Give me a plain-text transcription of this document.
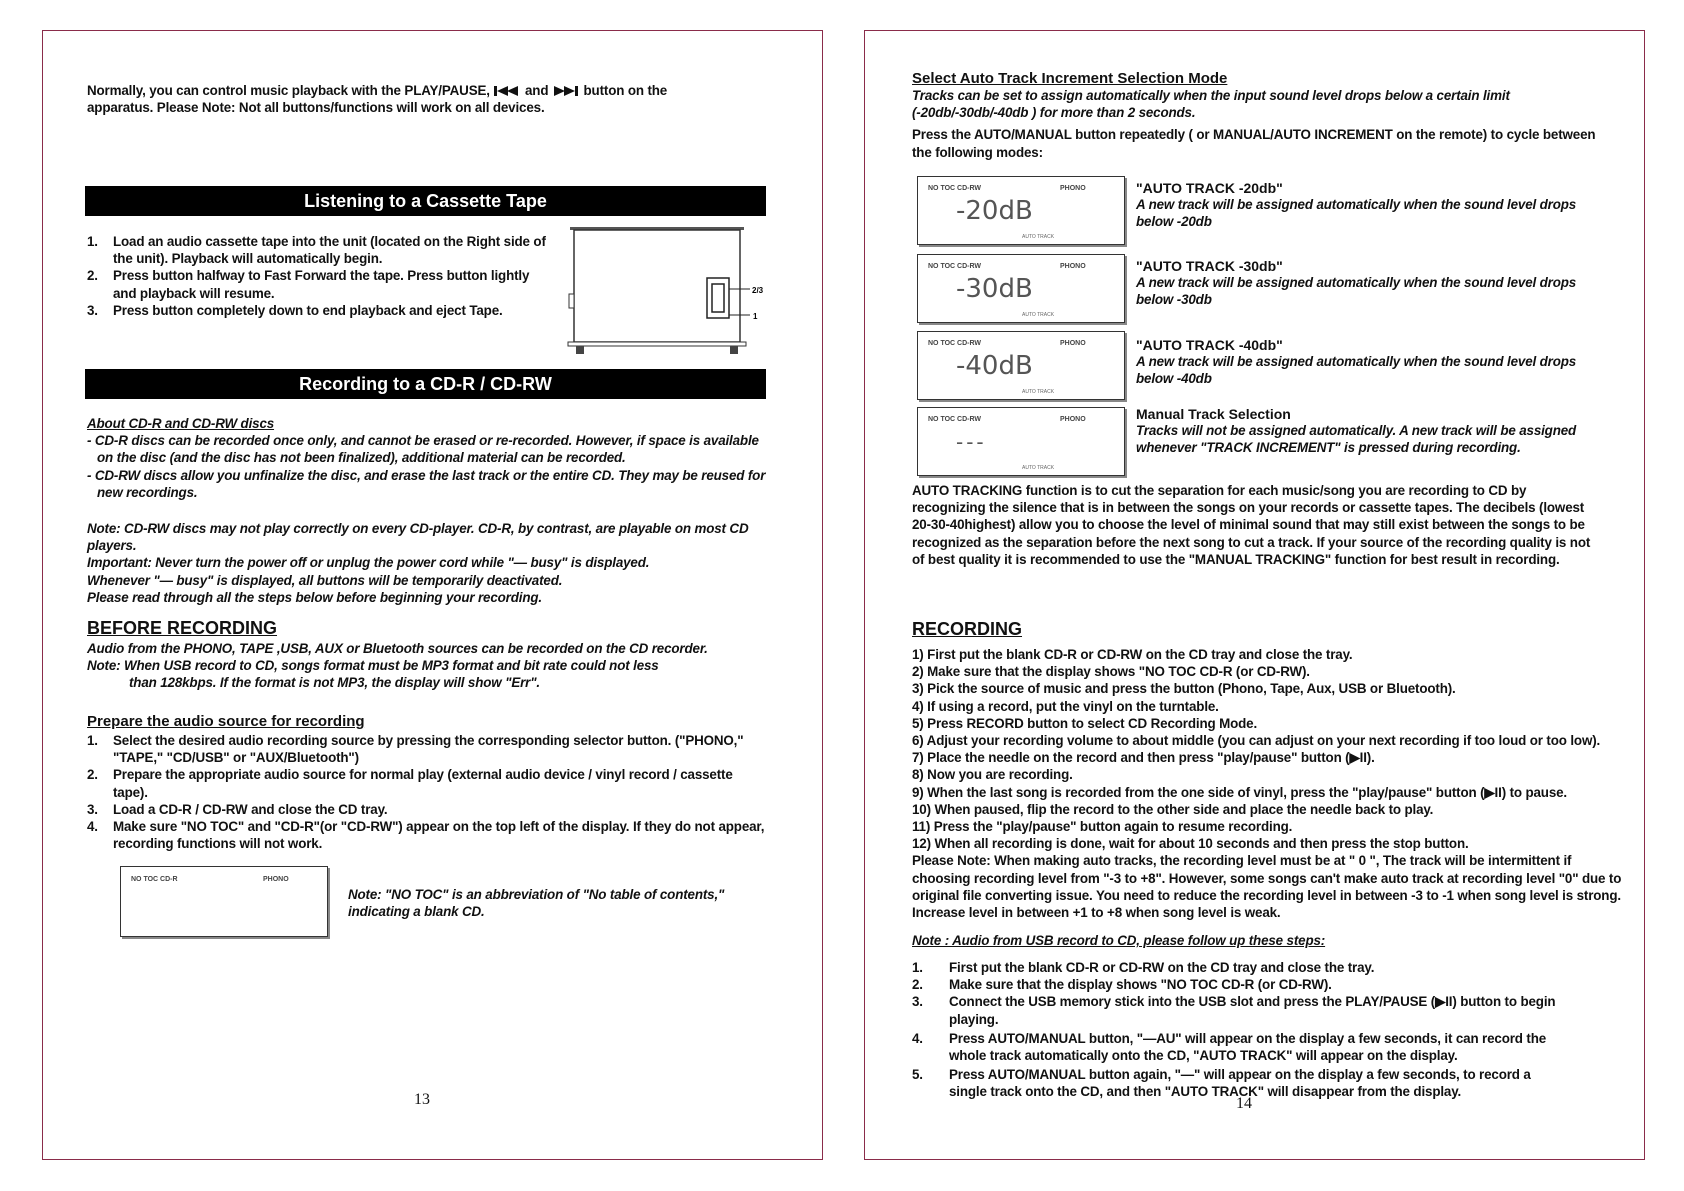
Normally, you can control music playback with the PLAY/PAUSE,	and	button on the
apparatus. Please Note: Not all buttons/functions will work on all devices.
Listening to a Cassette Tape
1. Load an audio cassette tape into the unit (located on the Right side of the unit). Playback will automatically begin.
2. Press button halfway to Fast Forward the tape. Press button lightly and playback will resume.
3. Press button completely down to end playback and eject Tape.
2/3
1
Recording to a CD-R / CD-RW
About CD-R and CD-RW discs
- CD-R discs can be recorded once only, and cannot be erased or re-recorded. However, if space is available on the disc (and the disc has not been finalized), additional material can be recorded.
- CD-RW discs allow you unfinalize the disc, and erase the last track or the entire CD. They may be reused for new recordings.
Note: CD-RW discs may not play correctly on every CD-player. CD-R, by contrast, are playable on most CD players.
Important: Never turn the power off or unplug the power cord while "— busy" is displayed.
Whenever "— busy" is displayed, all buttons will be temporarily deactivated.
Please read through all the steps below before beginning your recording.
BEFORE RECORDING
Audio from the PHONO, TAPE ,USB, AUX or Bluetooth sources can be recorded on the CD recorder.
Note: When USB record to CD, songs format must be MP3 format and bit rate could not less
than 128kbps. If the format is not MP3, the display will show "Err".
Prepare the audio source for recording
1. Select the desired audio recording source by pressing the corresponding selector button. ("PHONO," "TAPE," "CD/USB" or "AUX/Bluetooth")
2. Prepare the appropriate audio source for normal play (external audio device / vinyl record / cassette tape).
3. Load a CD-R / CD-RW and close the CD tray.
4. Make sure "NO TOC" and "CD-R"(or "CD-RW") appear on the top left of the display. If they do not appear, recording functions will not work.
NO TOC CD-R	PHONO
Note: "NO TOC" is an abbreviation of "No table of contents," indicating a blank CD.
13
Select Auto Track Increment Selection Mode
Tracks can be set to assign automatically when the input sound level drops below a certain limit (-20db/-30db/-40db ) for more than 2 seconds.
Press the AUTO/MANUAL button repeatedly ( or MANUAL/AUTO INCREMENT on the remote) to cycle between the following modes:
NO TOC CD-RW	PHONO
-20dB
AUTO TRACK
"AUTO TRACK -20db"
A new track will be assigned automatically when the sound level drops below -20db
NO TOC CD-RW	PHONO
-30dB
AUTO TRACK
"AUTO TRACK -30db"
A new track will be assigned automatically when the sound level drops below -30db
NO TOC CD-RW	PHONO
-40dB
AUTO TRACK
"AUTO TRACK -40db"
A new track will be assigned automatically when the sound level drops below -40db
NO TOC CD-RW	PHONO
---
AUTO TRACK
Manual Track Selection
Tracks will not be assigned automatically. A new track will be assigned whenever "TRACK INCREMENT" is pressed during recording.
AUTO TRACKING function is to cut the separation for each music/song you are recording to CD by recognizing the silence that is in between the songs on your records or cassette tapes. The decibels (lowest 20-30-40highest) allow you to choose the level of minimal sound that may still exist between the songs to be recognized as the separation before the next song to cut a track. If your source of the recording quality is not of best quality it is recommended to use the "MANUAL TRACKING" function for best result in recording.
RECORDING
1) First put the blank CD-R or CD-RW on the CD tray and close the tray.
2) Make sure that the display shows "NO TOC CD-R (or CD-RW).
3) Pick the source of music and press the button (Phono, Tape, Aux, USB or Bluetooth).
4) If using a record, put the vinyl on the turntable.
5) Press RECORD button to select CD Recording Mode.
6) Adjust your recording volume to about middle (you can adjust on your next recording if too loud or too low).
7) Place the needle on the record and then press "play/pause" button (▶II).
8) Now you are recording.
9) When the last song is recorded from the one side of vinyl, press the "play/pause" button (▶II) to pause.
10) When paused, flip the record to the other side and place the needle back to play.
11) Press the "play/pause" button again to resume recording.
12) When all recording is done, wait for about 10 seconds and then press the stop button.
Please Note: When making auto tracks, the recording level must be at " 0 ", The track will be intermittent if choosing recording level from "-3 to +8". However, some songs can't make auto track at recording level "0" due to original file converting issue. You need to reduce the recording level in between -3 to -1 when song level is strong. Increase level in between +1 to +8 when song level is weak.
Note : Audio from USB record to CD, please follow up these steps:
1. First put the blank CD-R or CD-RW on the CD tray and close the tray.
2. Make sure that the display shows "NO TOC CD-R (or CD-RW).
3. Connect the USB memory stick into the USB slot and press the PLAY/PAUSE (▶II) button to begin playing.
4. Press AUTO/MANUAL button, "—AU" will appear on the display a few seconds, it can record the whole track automatically onto the CD, "AUTO TRACK" will appear on the display.
5. Press AUTO/MANUAL button again, "—" will appear on the display a few seconds, to record a single track onto the CD, and then "AUTO TRACK" will disappear from the display.
14
